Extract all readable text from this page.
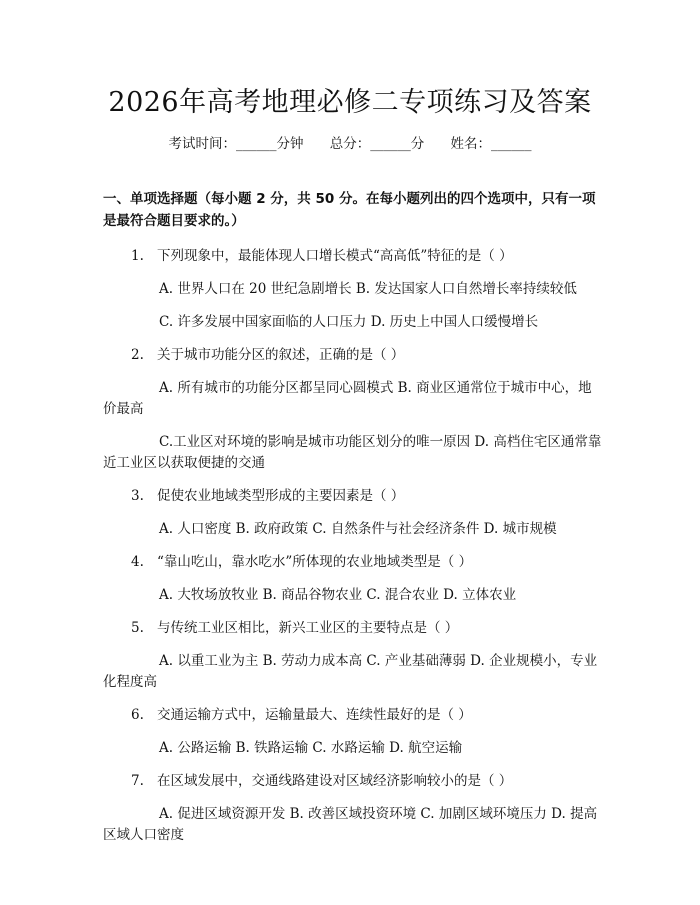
2026年高考地理必修二专项练习及答案
考试时间：______分钟 总分：______分 姓名：______
一、单项选择题（每小题 2 分，共 50 分。在每小题列出的四个选项中，只有一项是最符合题目要求的。）
1. 下列现象中，最能体现人口增长模式“高高低”特征的是（ ）
A. 世界人口在 20 世纪急剧增长 B. 发达国家人口自然增长率持续较低
C. 许多发展中国家面临的人口压力 D. 历史上中国人口缓慢增长
2. 关于城市功能分区的叙述，正确的是（ ）
A. 所有城市的功能分区都呈同心圆模式 B. 商业区通常位于城市中心，地价最高
C.工业区对环境的影响是城市功能区划分的唯一原因 D. 高档住宅区通常靠近工业区以获取便捷的交通
3. 促使农业地域类型形成的主要因素是（ ）
A. 人口密度 B. 政府政策 C. 自然条件与社会经济条件 D. 城市规模
4. “靠山吃山，靠水吃水”所体现的农业地域类型是（ ）
A. 大牧场放牧业 B. 商品谷物农业 C. 混合农业 D. 立体农业
5. 与传统工业区相比，新兴工业区的主要特点是（ ）
A. 以重工业为主 B. 劳动力成本高 C. 产业基础薄弱 D. 企业规模小，专业化程度高
6. 交通运输方式中，运输量最大、连续性最好的是（ ）
A. 公路运输 B. 铁路运输 C. 水路运输 D. 航空运输
7. 在区域发展中，交通线路建设对区域经济影响较小的是（ ）
A. 促进区域资源开发 B. 改善区域投资环境 C. 加剧区域环境压力 D. 提高区域人口密度
